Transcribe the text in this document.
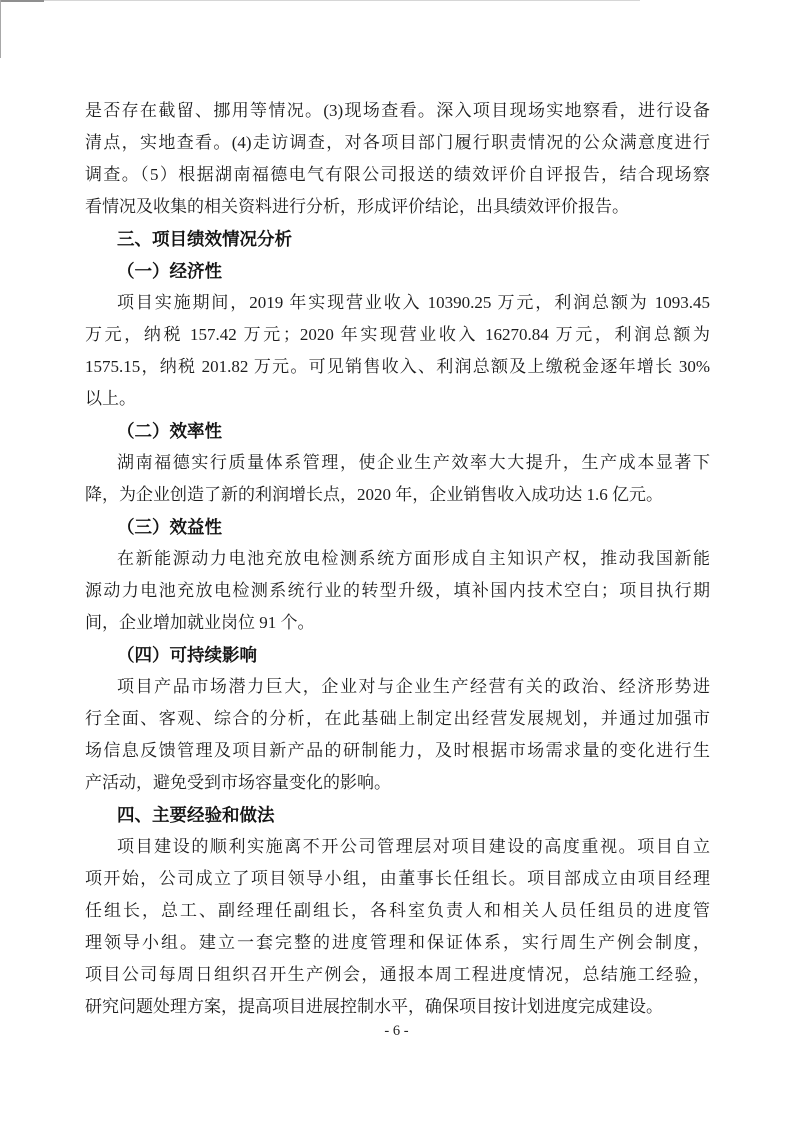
是否存在截留、挪用等情况。(3)现场查看。深入项目现场实地察看，进行设备
清点，实地查看。(4)走访调查，对各项目部门履行职责情况的公众满意度进行
调查。（5）根据湖南福德电气有限公司报送的绩效评价自评报告，结合现场察
看情况及收集的相关资料进行分析，形成评价结论，出具绩效评价报告。
三、项目绩效情况分析
（一）经济性
项目实施期间，2019 年实现营业收入 10390.25 万元，利润总额为 1093.45
万元，纳税 157.42 万元；2020 年实现营业收入 16270.84 万元，利润总额为
1575.15，纳税 201.82 万元。可见销售收入、利润总额及上缴税金逐年增长 30%
以上。
（二）效率性
湖南福德实行质量体系管理，使企业生产效率大大提升，生产成本显著下
降，为企业创造了新的利润增长点，2020 年，企业销售收入成功达 1.6 亿元。
（三）效益性
在新能源动力电池充放电检测系统方面形成自主知识产权，推动我国新能
源动力电池充放电检测系统行业的转型升级，填补国内技术空白；项目执行期
间，企业增加就业岗位 91 个。
（四）可持续影响
项目产品市场潜力巨大，企业对与企业生产经营有关的政治、经济形势进
行全面、客观、综合的分析，在此基础上制定出经营发展规划，并通过加强市
场信息反馈管理及项目新产品的研制能力，及时根据市场需求量的变化进行生
产活动，避免受到市场容量变化的影响。
四、主要经验和做法
项目建设的顺利实施离不开公司管理层对项目建设的高度重视。项目自立
项开始，公司成立了项目领导小组，由董事长任组长。项目部成立由项目经理
任组长，总工、副经理任副组长，各科室负责人和相关人员任组员的进度管
理领导小组。建立一套完整的进度管理和保证体系，实行周生产例会制度，
项目公司每周日组织召开生产例会，通报本周工程进度情况，总结施工经验，
研究问题处理方案，提高项目进展控制水平，确保项目按计划进度完成建设。
- 6 -
